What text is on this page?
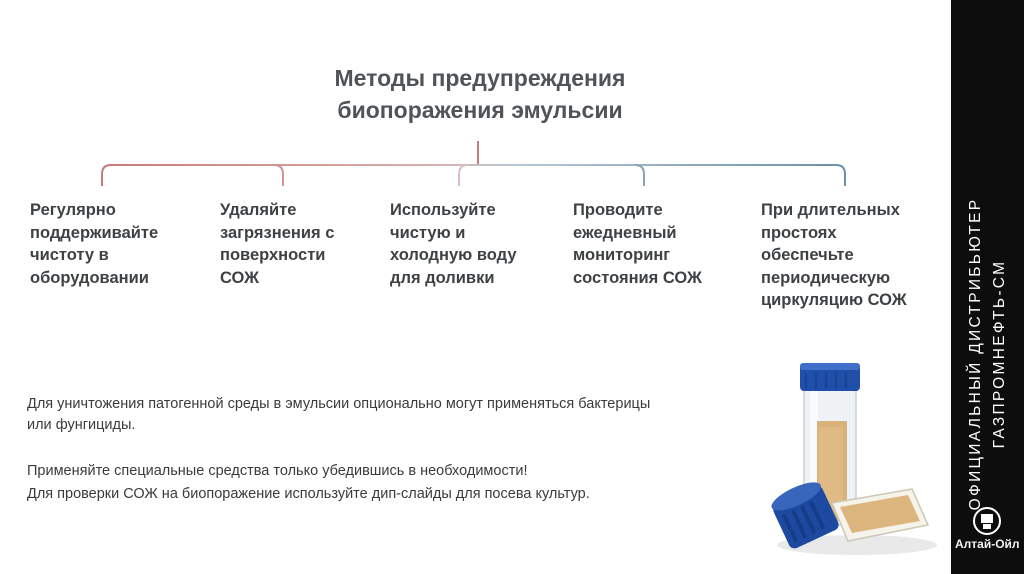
Методы предупреждения
биопоражения эмульсии
Регулярно
поддерживайте
чистоту в
оборудовании
Удаляйте
загрязнения с
поверхности
СОЖ
Используйте
чистую и
холодную воду
для доливки
Проводите
ежедневный
мониторинг
состояния СОЖ
При длительных
простоях
обеспечьте
периодическую
циркуляцию СОЖ
Для уничтожения патогенной среды в эмульсии опционально могут применяться бактерицы
или фунгициды.
Применяйте специальные средства только убедившись в необходимости!
Для проверки СОЖ на биопоражение используйте дип-слайды для посева культур.	ОФИЦИАЛЬНЫЙ ДИСТРИБЬЮТЕР ГАЗПРОМНЕФТЬ-СМ
Алтай-Ойл
